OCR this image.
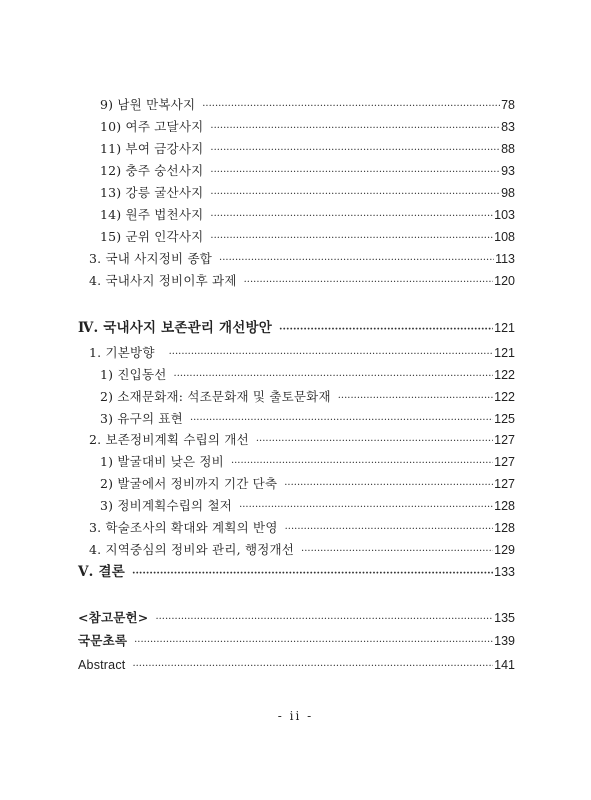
9) 남원 만복사지 ·····	78
10) 여주 고달사지 ·····	83
11) 부여 금강사지 ·····	88
12) 충주 숭선사지 ·····	93
13) 강릉 굴산사지 ·····	98
14) 원주 법천사지 ·····	103
15) 군위 인각사지 ·····	108
3. 국내 사지정비 종합 ·····	113
4. 국내사지 정비이후 과제 ·····	120
Ⅳ. 국내사지 보존관리 개선방안 ·····	121
1. 기본방향 ·····	121
1) 진입동선 ·····	122
2) 소재문화재: 석조문화재 및 출토문화재 ·····	122
3) 유구의 표현 ·····	125
2. 보존정비계획 수립의 개선 ·····	127
1) 발굴대비 낮은 정비 ·····	127
2) 발굴에서 정비까지 기간 단축 ·····	127
3) 정비계획수립의 철저 ·····	128
3. 학술조사의 확대와 계획의 반영 ·····	128
4. 지역중심의 정비와 관리, 행정개선 ·····	129
Ⅴ. 결론 ·····	133
<참고문헌> ·····	135
국문초록 ·····	139
Abstract ·····	141
- ii -
